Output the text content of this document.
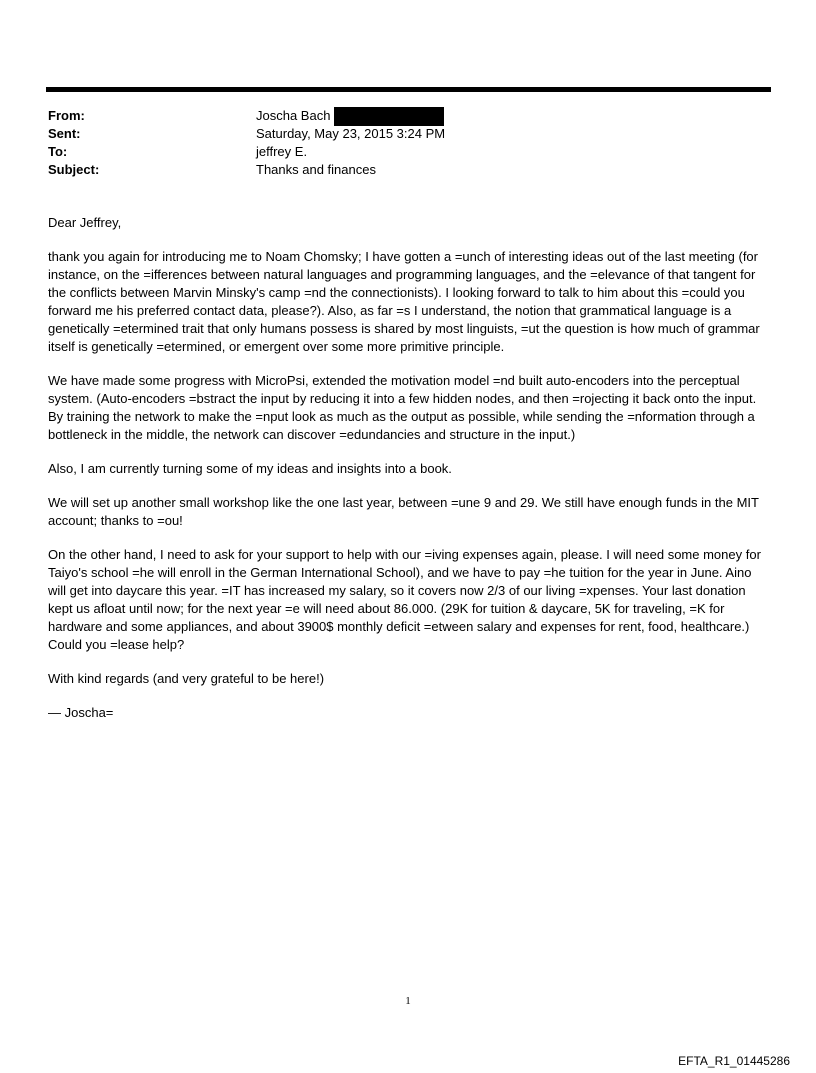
From:	Joscha Bach
Sent:	Saturday, May 23, 2015 3:24 PM
To:	jeffrey E.
Subject:	Thanks and finances

Dear Jeffrey,

thank you again for introducing me to Noam Chomsky; I have gotten a =unch of interesting ideas out of the last meeting (for instance, on the =ifferences between natural languages and programming languages, and the =elevance of that tangent for the conflicts between Marvin Minsky's camp =nd the connectionists). I looking forward to talk to him about this =could you forward me his preferred contact data, please?). Also, as far =s I understand, the notion that grammatical language is a genetically =etermined trait that only humans possess is shared by most linguists, =ut the question is how much of grammar itself is genetically =etermined, or emergent over some more primitive principle.

We have made some progress with MicroPsi, extended the motivation model =nd built auto-encoders into the perceptual system. (Auto-encoders =bstract the input by reducing it into a few hidden nodes, and then =rojecting it back onto the input. By training the network to make the =nput look as much as the output as possible, while sending the =nformation through a bottleneck in the middle, the network can discover =edundancies and structure in the input.)

Also, I am currently turning some of my ideas and insights into a book.

We will set up another small workshop like the one last year, between =une 9 and 29. We still have enough funds in the MIT account; thanks to =ou!

On the other hand, I need to ask for your support to help with our =iving expenses again, please. I will need some money for Taiyo's school =he will enroll in the German International School), and we have to pay =he tuition for the year in June. Aino will get into daycare this year. =IT has increased my salary, so it covers now 2/3 of our living =xpenses. Your last donation kept us afloat until now; for the next year =e will need about 86.000. (29K for tuition & daycare, 5K for traveling, =K for hardware and some appliances, and about 3900$ monthly deficit =etween salary and expenses for rent, food, healthcare.) Could you =lease help?

With kind regards (and very grateful to be here!)

— Joscha=

1
EFTA_R1_01445286
